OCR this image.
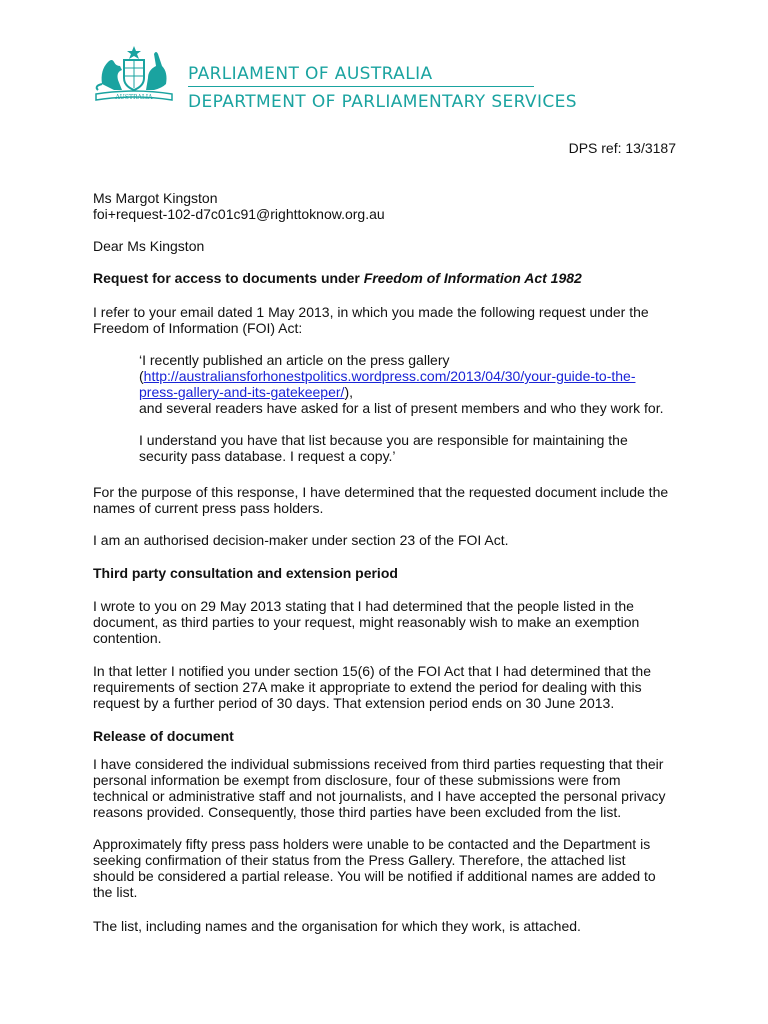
AUSTRALIA
PARLIAMENT OF AUSTRALIA
DEPARTMENT OF PARLIAMENTARY SERVICES
DPS ref: 13/3187
Ms Margot Kingston
foi+request-102-d7c01c91@righttoknow.org.au
Dear Ms Kingston
Request for access to documents under Freedom of Information Act 1982
I refer to your email dated 1 May 2013, in which you made the following request under the
Freedom of Information (FOI) Act:
‘I recently published an article on the press gallery
(http://australiansforhonestpolitics.wordpress.com/2013/04/30/your-guide-to-the-
press-gallery-and-its-gatekeeper/),
and several readers have asked for a list of present members and who they work for.
I understand you have that list because you are responsible for maintaining the
security pass database. I request a copy.’
For the purpose of this response, I have determined that the requested document include the
names of current press pass holders.
I am an authorised decision-maker under section 23 of the FOI Act.
Third party consultation and extension period
I wrote to you on 29 May 2013 stating that I had determined that the people listed in the
document, as third parties to your request, might reasonably wish to make an exemption
contention.
In that letter I notified you under section 15(6) of the FOI Act that I had determined that the
requirements of section 27A make it appropriate to extend the period for dealing with this
request by a further period of 30 days. That extension period ends on 30 June 2013.
Release of document
I have considered the individual submissions received from third parties requesting that their
personal information be exempt from disclosure, four of these submissions were from
technical or administrative staff and not journalists, and I have accepted the personal privacy
reasons provided. Consequently, those third parties have been excluded from the list.
Approximately fifty press pass holders were unable to be contacted and the Department is
seeking confirmation of their status from the Press Gallery. Therefore, the attached list
should be considered a partial release. You will be notified if additional names are added to
the list.
The list, including names and the organisation for which they work, is attached.
